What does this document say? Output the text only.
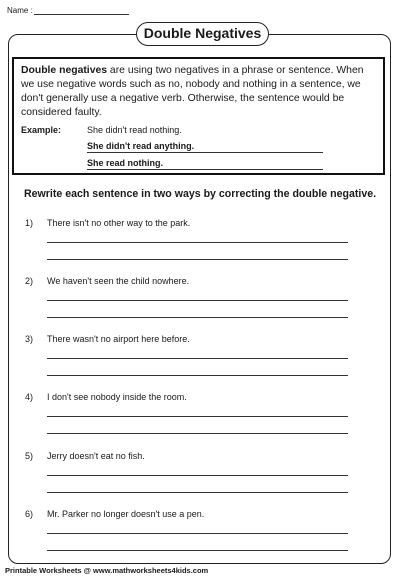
Name :
Double Negatives

Double negatives are using two negatives in a phrase or sentence. When we use negative words such as no, nobody and nothing in a sentence, we don't generally use a negative verb. Otherwise, the sentence would be considered faulty.

Example:	She didn't read nothing.
She didn't read anything.
She read nothing.
Rewrite each sentence in two ways by correcting the double negative.
1) There isn't no other way to the park.
2) We haven't seen the child nowhere.
3) There wasn't no airport here before.
4) I don't see nobody inside the room.
5) Jerry doesn't eat no fish.
6) Mr. Parker no longer doesn't use a pen.
Printable Worksheets @ www.mathworksheets4kids.com
